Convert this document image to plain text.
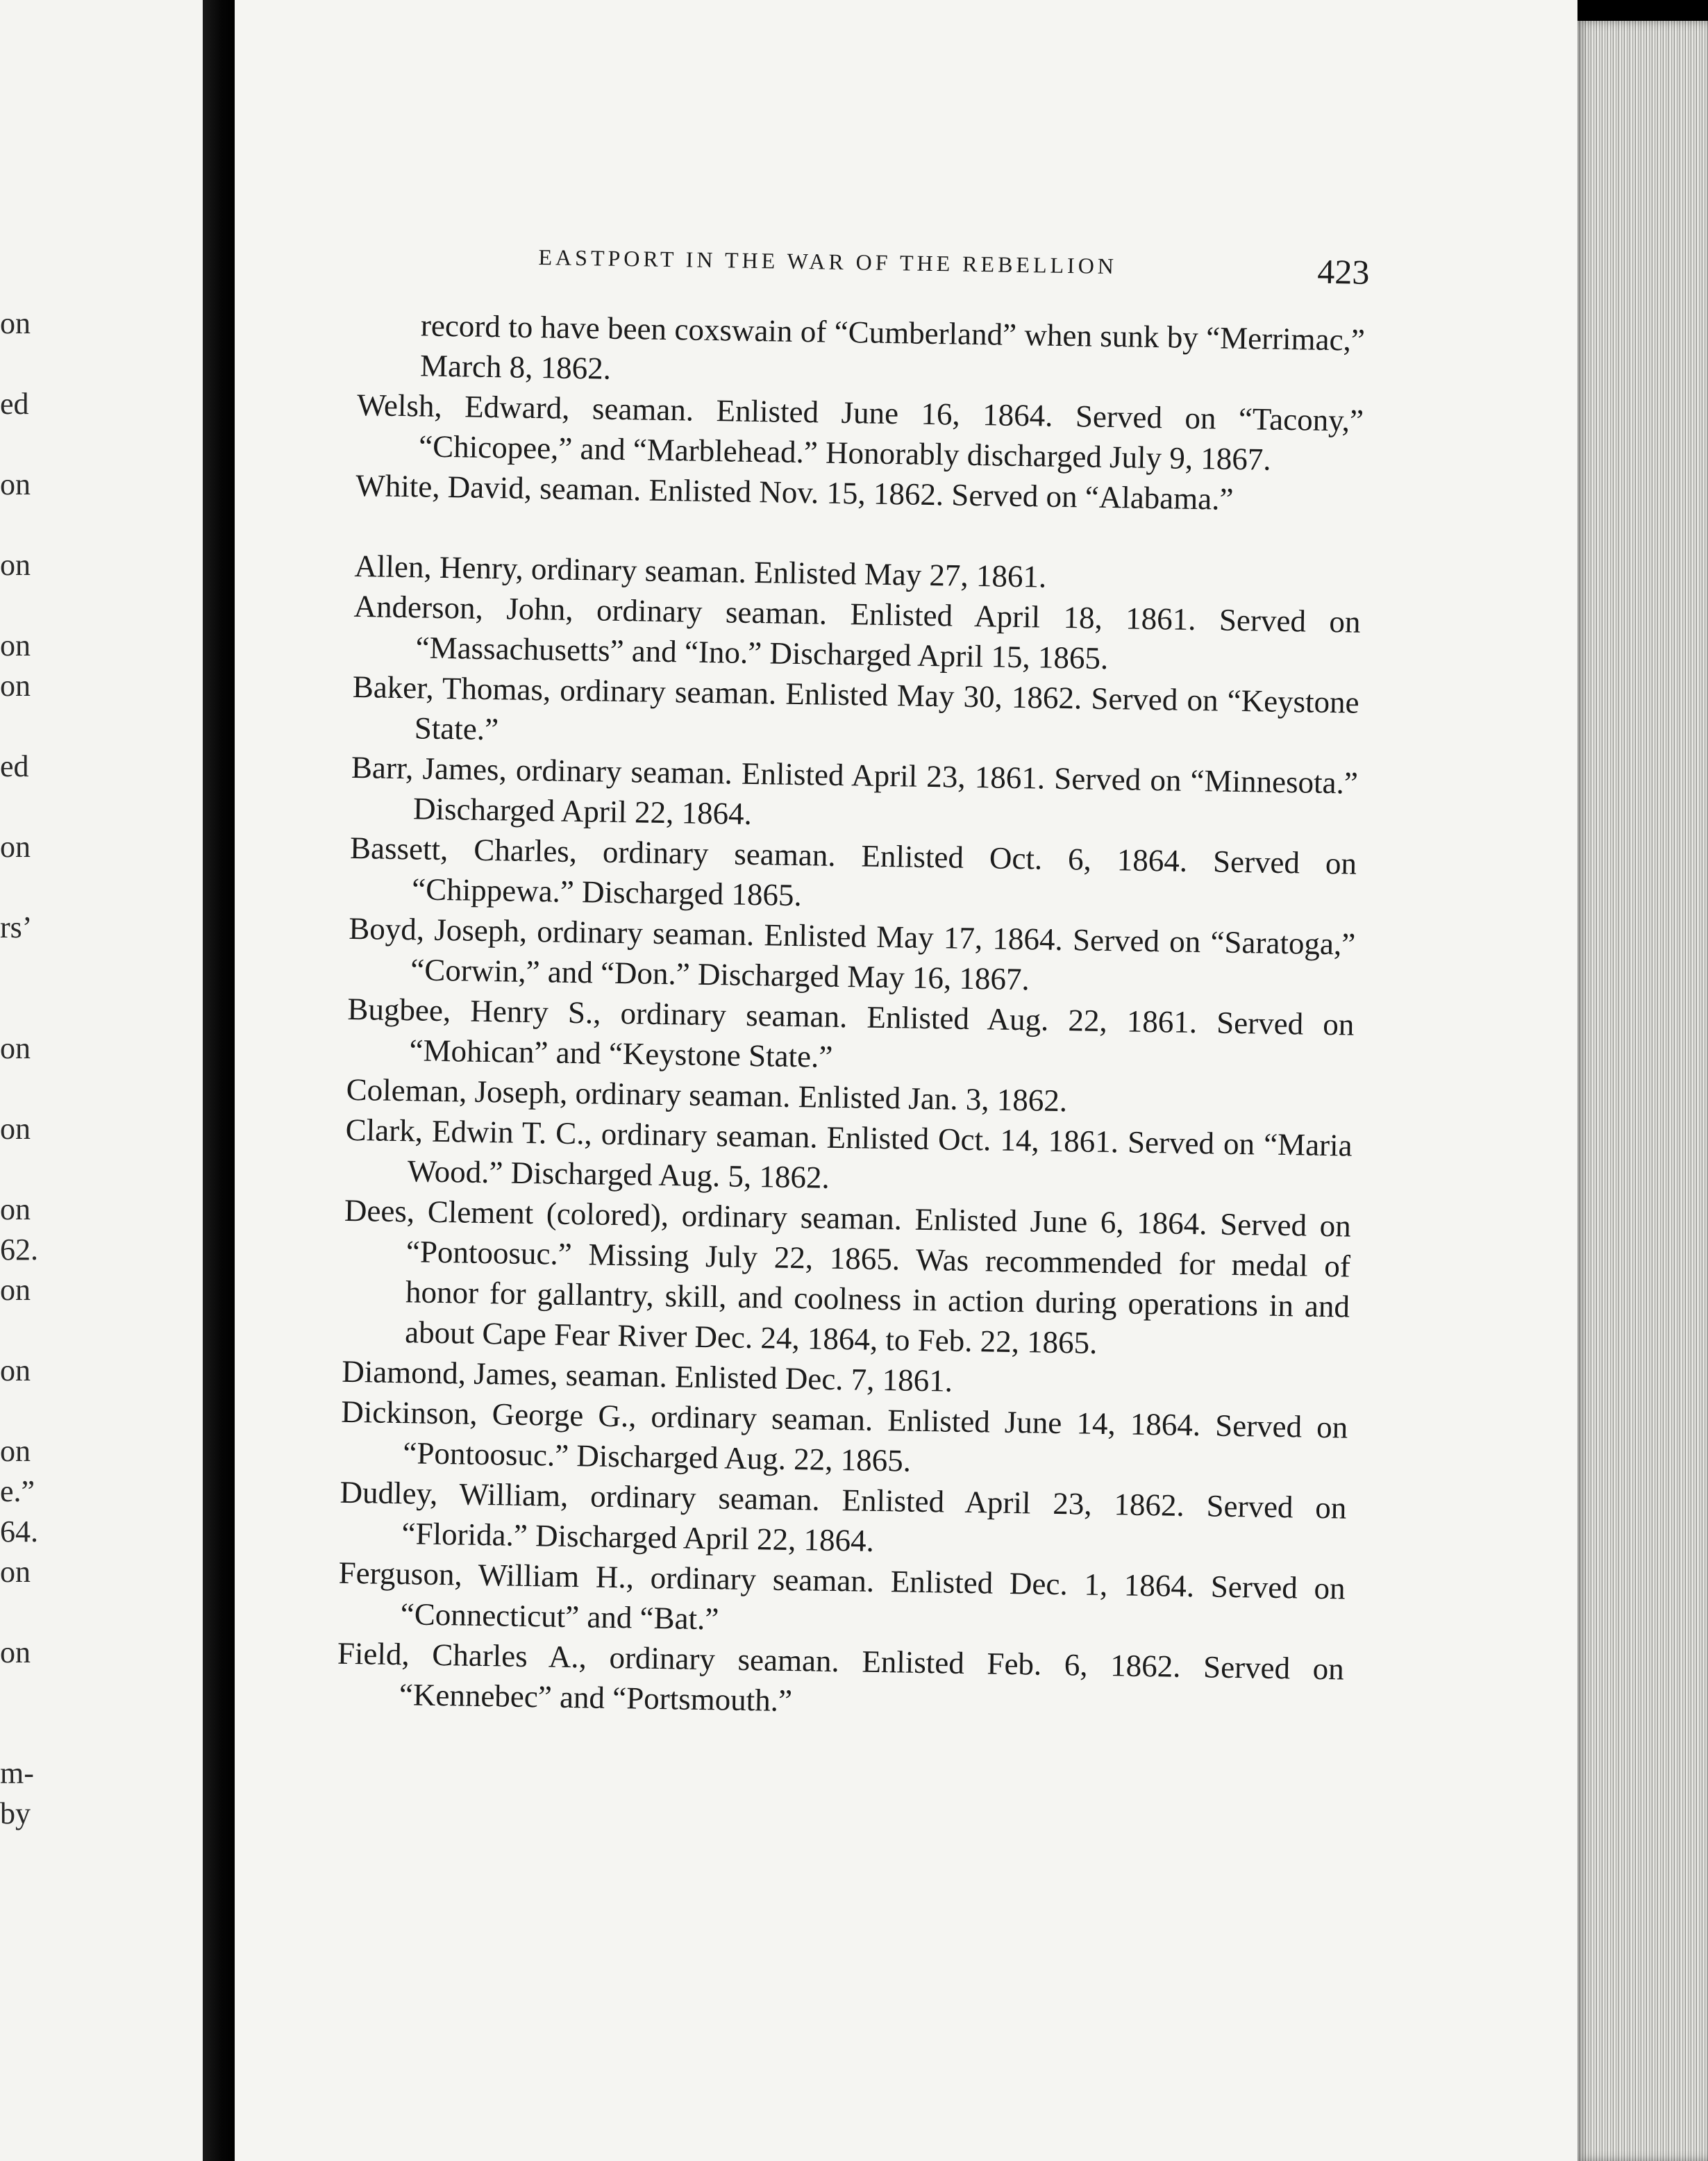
on
ed
on
on
on
on
ed
on
rs’
on
on
on
62.
on
on
on
e.”
64.
on
on
m-
by
EASTPORT IN THE WAR OF THE REBELLION	423

record to have been coxswain of “Cumberland” when sunk by “Merrimac,” March 8, 1862.

Welsh, Edward, seaman. Enlisted June 16, 1864. Served on “Tacony,” “Chicopee,” and “Marblehead.” Honorably discharged July 9, 1867.

White, David, seaman. Enlisted Nov. 15, 1862. Served on “Alabama.”

Allen, Henry, ordinary seaman. Enlisted May 27, 1861.

Anderson, John, ordinary seaman. Enlisted April 18, 1861. Served on “Massachusetts” and “Ino.” Discharged April 15, 1865.

Baker, Thomas, ordinary seaman. Enlisted May 30, 1862. Served on “Keystone State.”

Barr, James, ordinary seaman. Enlisted April 23, 1861. Served on “Minnesota.” Discharged April 22, 1864.

Bassett, Charles, ordinary seaman. Enlisted Oct. 6, 1864. Served on “Chippewa.” Discharged 1865.

Boyd, Joseph, ordinary seaman. Enlisted May 17, 1864. Served on “Saratoga,” “Corwin,” and “Don.” Discharged May 16, 1867.

Bugbee, Henry S., ordinary seaman. Enlisted Aug. 22, 1861. Served on “Mohican” and “Keystone State.”

Coleman, Joseph, ordinary seaman. Enlisted Jan. 3, 1862.

Clark, Edwin T. C., ordinary seaman. Enlisted Oct. 14, 1861. Served on “Maria Wood.” Discharged Aug. 5, 1862.

Dees, Clement (colored), ordinary seaman. Enlisted June 6, 1864. Served on “Pontoosuc.” Missing July 22, 1865. Was recommended for medal of honor for gallantry, skill, and coolness in action during operations in and about Cape Fear River Dec. 24, 1864, to Feb. 22, 1865.

Diamond, James, seaman. Enlisted Dec. 7, 1861.

Dickinson, George G., ordinary seaman. Enlisted June 14, 1864. Served on “Pontoosuc.” Discharged Aug. 22, 1865.

Dudley, William, ordinary seaman. Enlisted April 23, 1862. Served on “Florida.” Discharged April 22, 1864.

Ferguson, William H., ordinary seaman. Enlisted Dec. 1, 1864. Served on “Connecticut” and “Bat.”

Field, Charles A., ordinary seaman. Enlisted Feb. 6, 1862. Served on “Kennebec” and “Portsmouth.”
